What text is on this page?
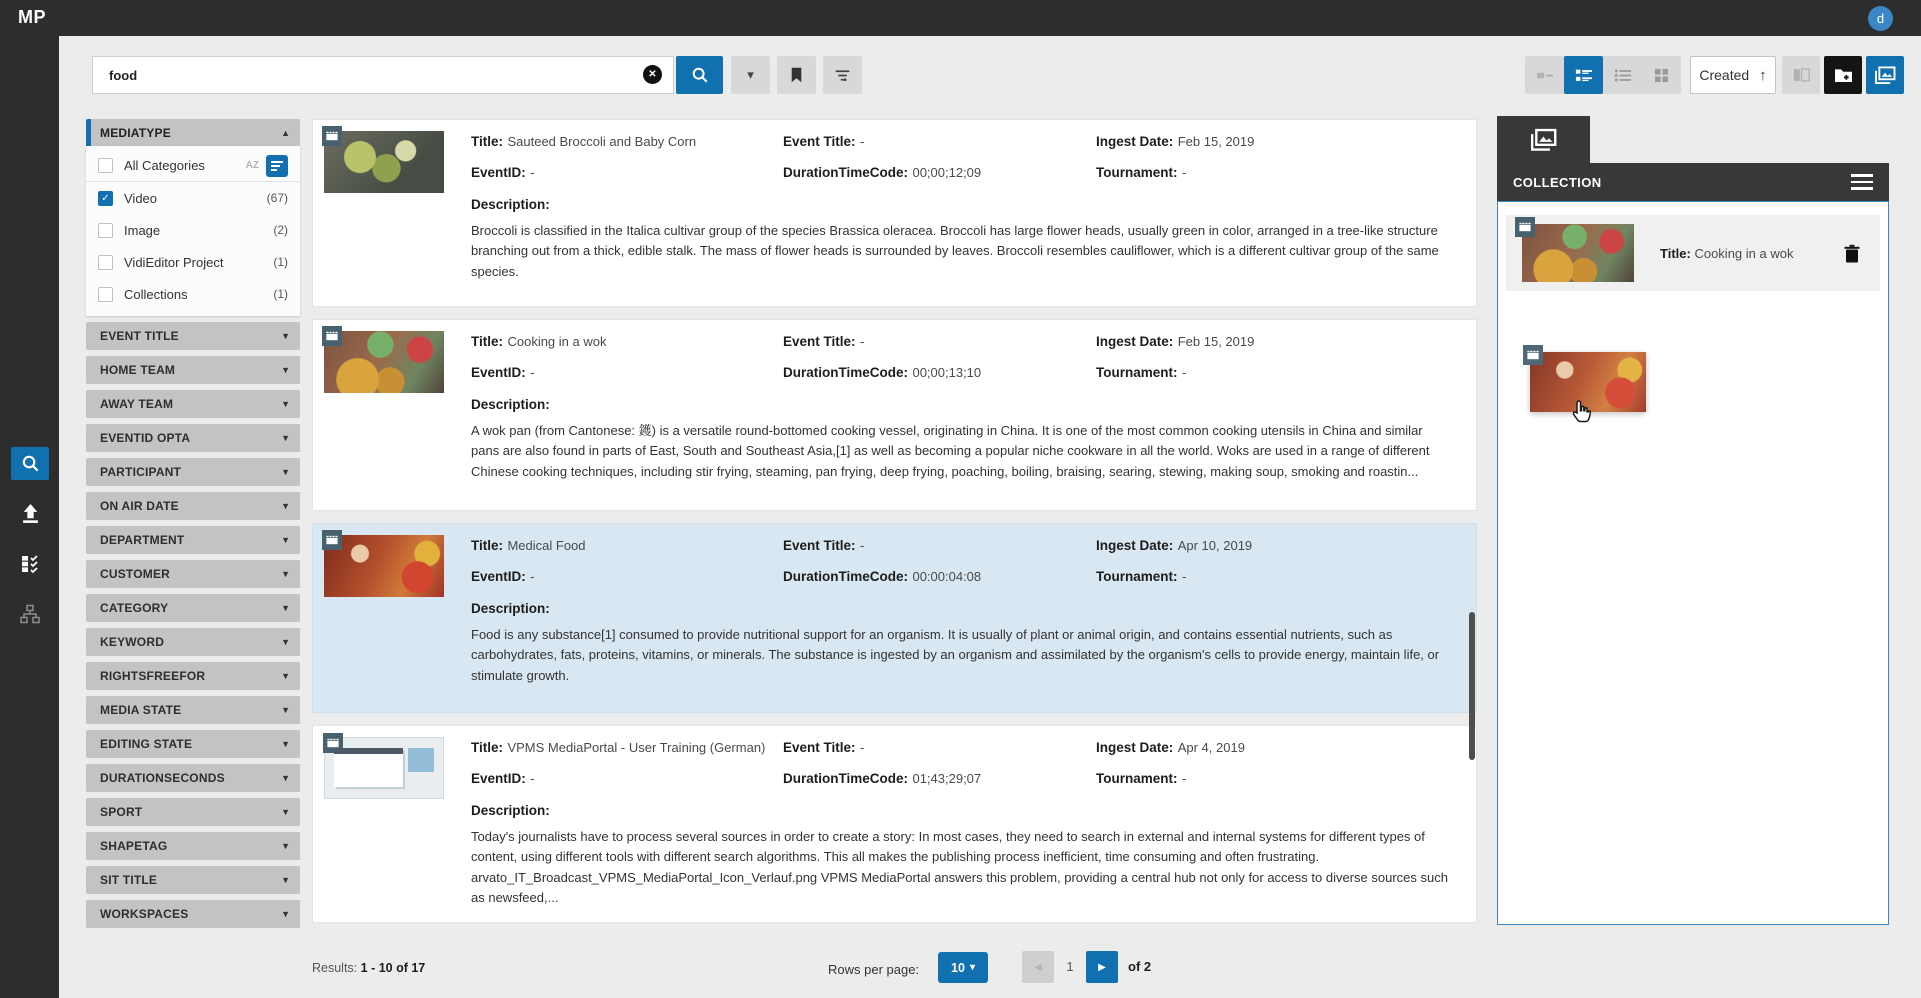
MP	d
food
✕	▾	Created ↑
MEDIATYPE	▲
All Categories	AZ
✓ Video	(67)
Image	(2)
VidiEditor Project	(1)
Collections	(1)
EVENT TITLE	▼
HOME TEAM	▼
AWAY TEAM	▼
EVENTID OPTA	▼
PARTICIPANT	▼
ON AIR DATE	▼
DEPARTMENT	▼
CUSTOMER	▼
CATEGORY	▼
KEYWORD	▼
RIGHTSFREEFOR	▼
MEDIA STATE	▼
EDITING STATE	▼
DURATIONSECONDS	▼
SPORT	▼
SHAPETAG	▼
SIT TITLE	▼
WORKSPACES	▼
Title: Sauteed Broccoli and Baby Corn	Event Title: -	Ingest Date: Feb 15, 2019
EventID: -	DurationTimeCode: 00;00;12;09	Tournament: -
Description:
Broccoli is classified in the Italica cultivar group of the species Brassica oleracea. Broccoli has large flower heads, usually green in color, arranged in a tree-like structure branching out from a thick, edible stalk. The mass of flower heads is surrounded by leaves. Broccoli resembles cauliflower, which is a different cultivar group of the same species.
Title: Cooking in a wok	Event Title: -	Ingest Date: Feb 15, 2019
EventID: -	DurationTimeCode: 00;00;13;10	Tournament: -
Description:
A wok pan (from Cantonese: 鑊) is a versatile round-bottomed cooking vessel, originating in China. It is one of the most common cooking utensils in China and similar pans are also found in parts of East, South and Southeast Asia,[1] as well as becoming a popular niche cookware in all the world. Woks are used in a range of different Chinese cooking techniques, including stir frying, steaming, pan frying, deep frying, poaching, boiling, braising, searing, stewing, making soup, smoking and roastin...
Title: Medical Food	Event Title: -	Ingest Date: Apr 10, 2019
EventID: -	DurationTimeCode: 00:00:04:08	Tournament: -
Description:
Food is any substance[1] consumed to provide nutritional support for an organism. It is usually of plant or animal origin, and contains essential nutrients, such as carbohydrates, fats, proteins, vitamins, or minerals. The substance is ingested by an organism and assimilated by the organism's cells to provide energy, maintain life, or stimulate growth.
Title: VPMS MediaPortal - User Training (German)	Event Title: -	Ingest Date: Apr 4, 2019
EventID: -	DurationTimeCode: 01;43;29;07	Tournament: -
Description:
Today's journalists have to process several sources in order to create a story: In most cases, they need to search in external and internal systems for different types of content, using different tools with different search algorithms. This all makes the publishing process inefficient, time consuming and often frustrating. arvato_IT_Broadcast_VPMS_MediaPortal_Icon_Verlauf.png VPMS MediaPortal answers this problem, providing a central hub not only for access to diverse sources such as newsfeed,...
Results: 1 - 10 of 17	Rows per page:	10 ▾	◀	1	▶ of 2
COLLECTION
Title: Cooking in a wok
